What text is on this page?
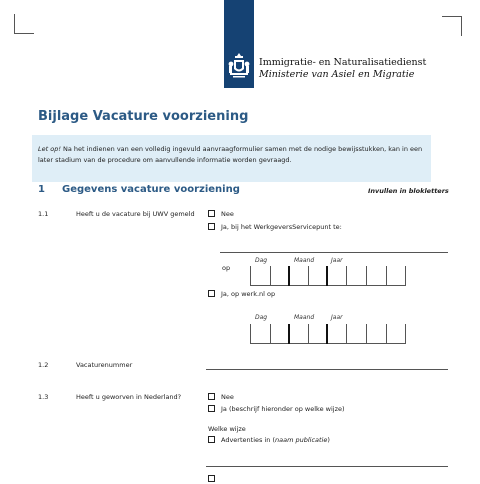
Immigratie- en Naturalisatiedienst
Ministerie van Asiel en Migratie
Bijlage Vacature voorziening
Let op! Na het indienen van een volledig ingevuld aanvraagformulier samen met de nodige bewijsstukken, kan in een later stadium van de procedure om aanvullende informatie worden gevraagd.
1 Gegevens vacature voorziening	Invullen in blokletters
1.1	Heeft u de vacature bij UWV gemeld	Nee
Ja, bij het WerkgeversServicepunt te:
Dag	Maand	Jaar
op
Ja, op werk.nl op
Dag	Maand	Jaar
1.2	Vacaturenummer
1.3	Heeft u geworven in Nederland?	Nee
Ja (beschrijf hieronder op welke wijze)
Welke wijze
Advertenties in (naam publicatie)
